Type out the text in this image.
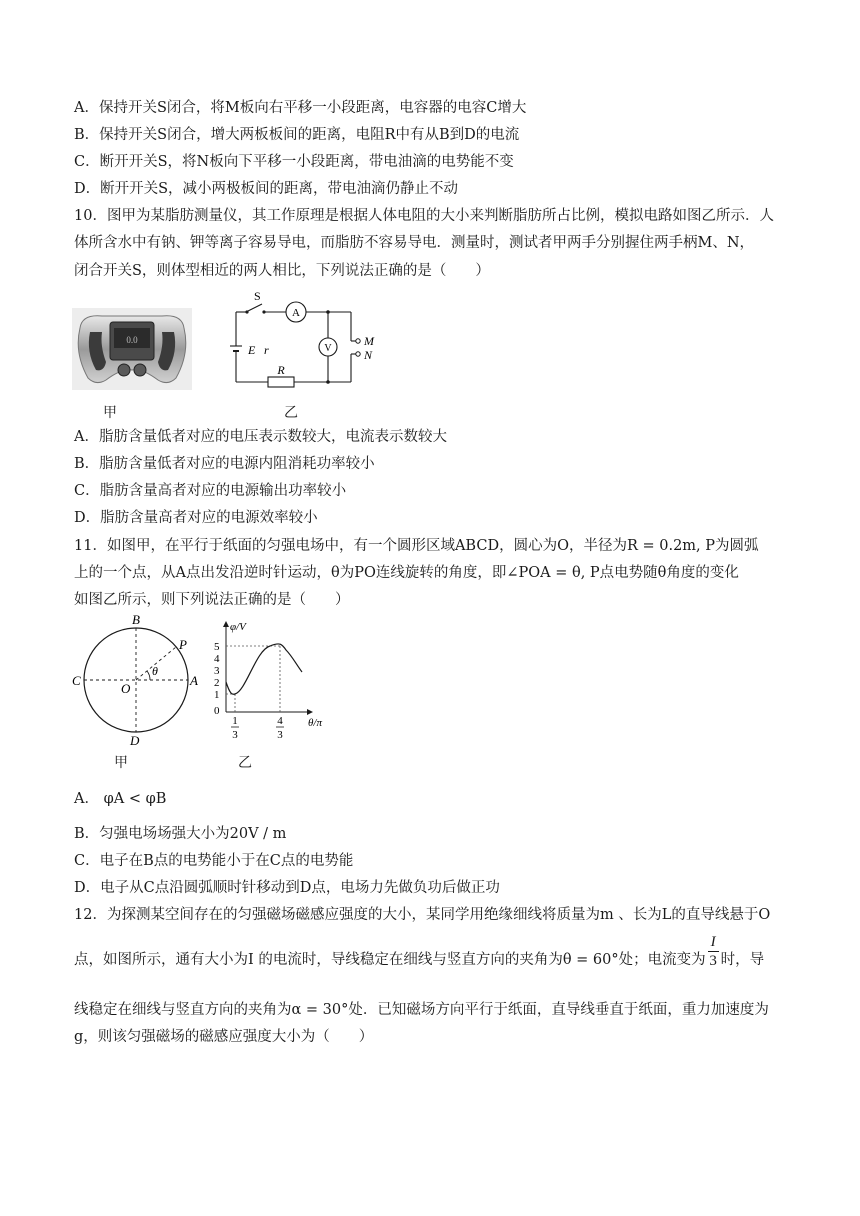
A．保持开关S闭合，将M板向右平移一小段距离，电容器的电容C增大
B．保持开关S闭合，增大两板板间的距离，电阻R中有从B到D的电流
C．断开开关S，将N板向下平移一小段距离，带电油滴的电势能不变
D．断开开关S，减小两极板间的距离，带电油滴仍静止不动
10．图甲为某脂肪测量仪，其工作原理是根据人体电阻的大小来判断脂肪所占比例，模拟电路如图乙所示．人
体所含水中有钠、钾等离子容易导电，而脂肪不容易导电．测量时，测试者甲两手分别握住两手柄M、N，
闭合开关S，则体型相近的两人相比，下列说法正确的是（　　）
0.0
S
A
V
M
N
E r
R
甲	乙
A．脂肪含量低者对应的电压表示数较大，电流表示数较大
B．脂肪含量低者对应的电源内阻消耗功率较小
C．脂肪含量高者对应的电源输出功率较小
D．脂肪含量高者对应的电源效率较小
11．如图甲，在平行于纸面的匀强电场中，有一个圆形区域ABCD，圆心为O，半径为R = 0.2m, P为圆弧
上的一个点，从A点出发沿逆时针运动，θ为PO连线旋转的角度，即∠POA = θ, P点电势随θ角度的变化
如图乙所示，则下列说法正确的是（　　）
B
C	A
D
O
P
θ
φ/V
θ/π
5
4
3
2
1
0
1
3
4
3
甲	乙
A． φA < φB
B．匀强电场场强大小为20V / m
C．电子在B点的电势能小于在C点的电势能
D．电子从C点沿圆弧顺时针移动到D点，电场力先做负功后做正功
12．为探测某空间存在的匀强磁场磁感应强度的大小，某同学用绝缘细线将质量为m 、长为L的直导线悬于O
点，如图所示，通有大小为I 的电流时，导线稳定在细线与竖直方向的夹角为θ = 60°处；电流变为 $\frac{I}{3}$ 时，导
线稳定在细线与竖直方向的夹角为α = 30°处．已知磁场方向平行于纸面，直导线垂直于纸面，重力加速度为
g，则该匀强磁场的磁感应强度大小为（　　）
